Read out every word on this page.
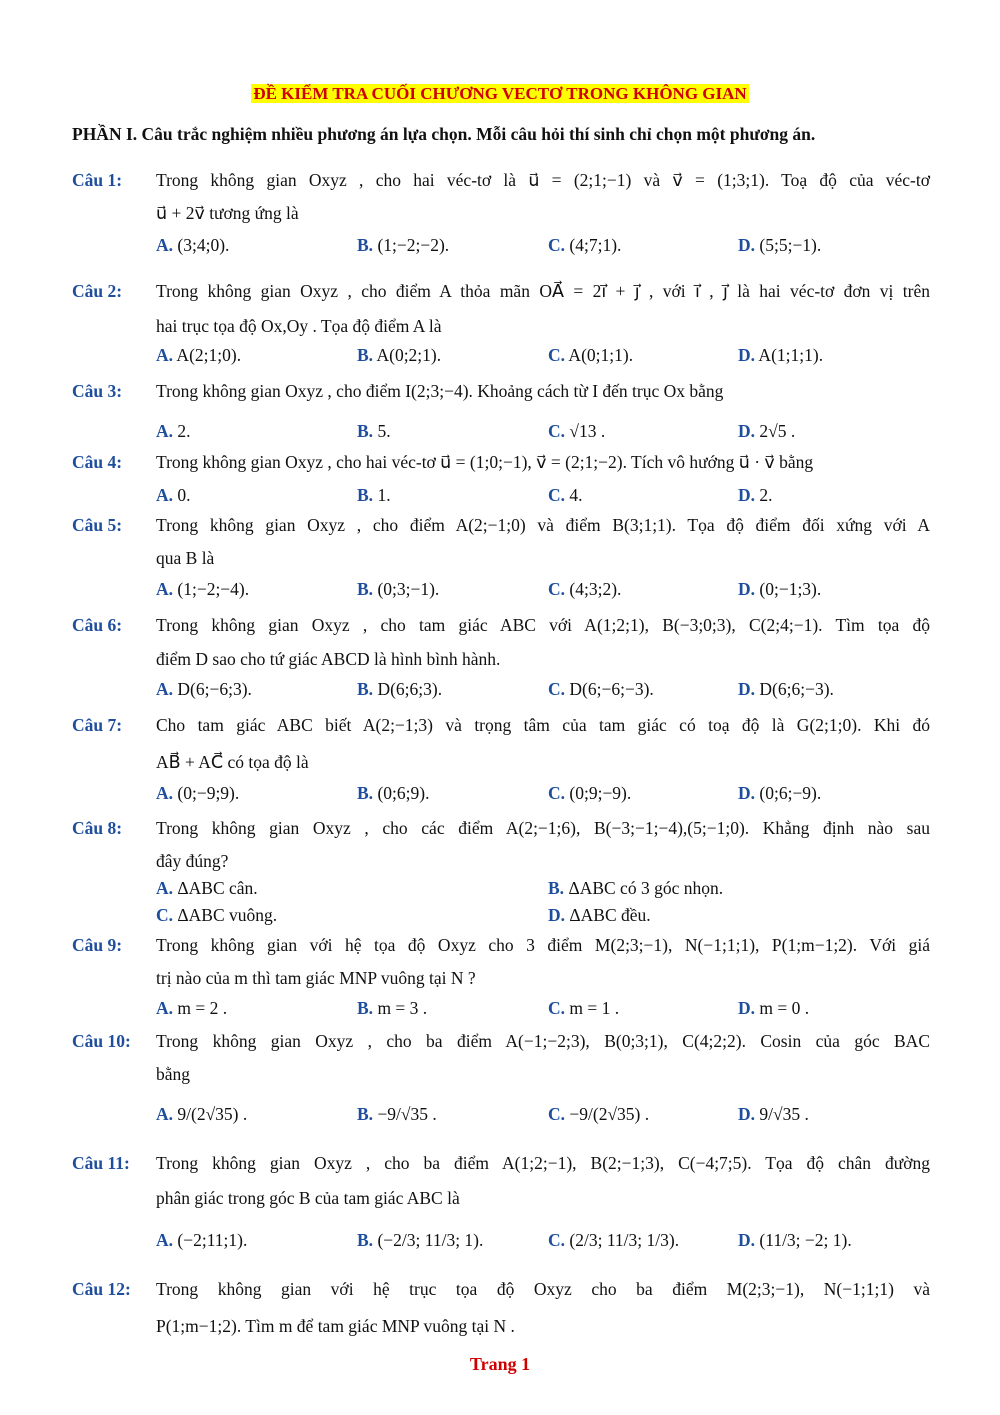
ĐỀ KIỂM TRA CUỐI CHƯƠNG VECTƠ TRONG KHÔNG GIAN
PHẦN I. Câu trắc nghiệm nhiều phương án lựa chọn. Mỗi câu hỏi thí sinh chỉ chọn một phương án.
Câu 1: Trong không gian Oxyz , cho hai véc-tơ là u⃗ = (2;1;−1) và v⃗ = (1;3;1). Toạ độ của véc-tơ
u⃗ + 2v⃗ tương ứng là
A. (3;4;0).	B. (1;−2;−2).	C. (4;7;1).	D. (5;5;−1).
Câu 2: Trong không gian Oxyz , cho điểm A thỏa mãn OA⃗ = 2i⃗ + j⃗ , với i⃗ , j⃗ là hai véc-tơ đơn vị trên
hai trục tọa độ Ox,Oy . Tọa độ điểm A là
A. A(2;1;0).	B. A(0;2;1).	C. A(0;1;1).	D. A(1;1;1).
Câu 3: Trong không gian Oxyz , cho điểm I(2;3;−4). Khoảng cách từ I đến trục Ox bằng
A. 2.	B. 5.	C. √13 .	D. 2√5 .
Câu 4: Trong không gian Oxyz , cho hai véc-tơ u⃗ = (1;0;−1), v⃗ = (2;1;−2). Tích vô hướng u⃗ · v⃗ bằng
A. 0.	B. 1.	C. 4.	D. 2.
Câu 5: Trong không gian Oxyz , cho điểm A(2;−1;0) và điểm B(3;1;1). Tọa độ điểm đối xứng với A
qua B là
A. (1;−2;−4).	B. (0;3;−1).	C. (4;3;2).	D. (0;−1;3).
Câu 6: Trong không gian Oxyz , cho tam giác ABC với A(1;2;1), B(−3;0;3), C(2;4;−1). Tìm tọa độ
điểm D sao cho tứ giác ABCD là hình bình hành.
A. D(6;−6;3).	B. D(6;6;3).	C. D(6;−6;−3).	D. D(6;6;−3).
Câu 7: Cho tam giác ABC biết A(2;−1;3) và trọng tâm của tam giác có toạ độ là G(2;1;0). Khi đó
AB⃗ + AC⃗ có tọa độ là
A. (0;−9;9).	B. (0;6;9).	C. (0;9;−9).	D. (0;6;−9).
Câu 8: Trong không gian Oxyz , cho các điểm A(2;−1;6), B(−3;−1;−4),(5;−1;0). Khẳng định nào sau
đây đúng?
A. ΔABC cân.	B. ΔABC có 3 góc nhọn.
C. ΔABC vuông.	D. ΔABC đều.
Câu 9: Trong không gian với hệ tọa độ Oxyz cho 3 điểm M(2;3;−1), N(−1;1;1), P(1;m−1;2). Với giá
trị nào của m thì tam giác MNP vuông tại N ?
A. m = 2 .	B. m = 3 .	C. m = 1 .	D. m = 0 .
Câu 10: Trong không gian Oxyz , cho ba điểm A(−1;−2;3), B(0;3;1), C(4;2;2). Cosin của góc BAC
bằng
A. 9/(2√35) .	B. −9/√35 .	C. −9/(2√35) .	D. 9/√35 .
Câu 11: Trong không gian Oxyz , cho ba điểm A(1;2;−1), B(2;−1;3), C(−4;7;5). Tọa độ chân đường
phân giác trong góc B của tam giác ABC là
A. (−2;11;1).	B. (−2/3; 11/3; 1).	C. (2/3; 11/3; 1/3).	D. (11/3; −2; 1).
Câu 12: Trong không gian với hệ trục tọa độ Oxyz cho ba điểm M(2;3;−1), N(−1;1;1) và
P(1;m−1;2). Tìm m để tam giác MNP vuông tại N .
Trang 1
